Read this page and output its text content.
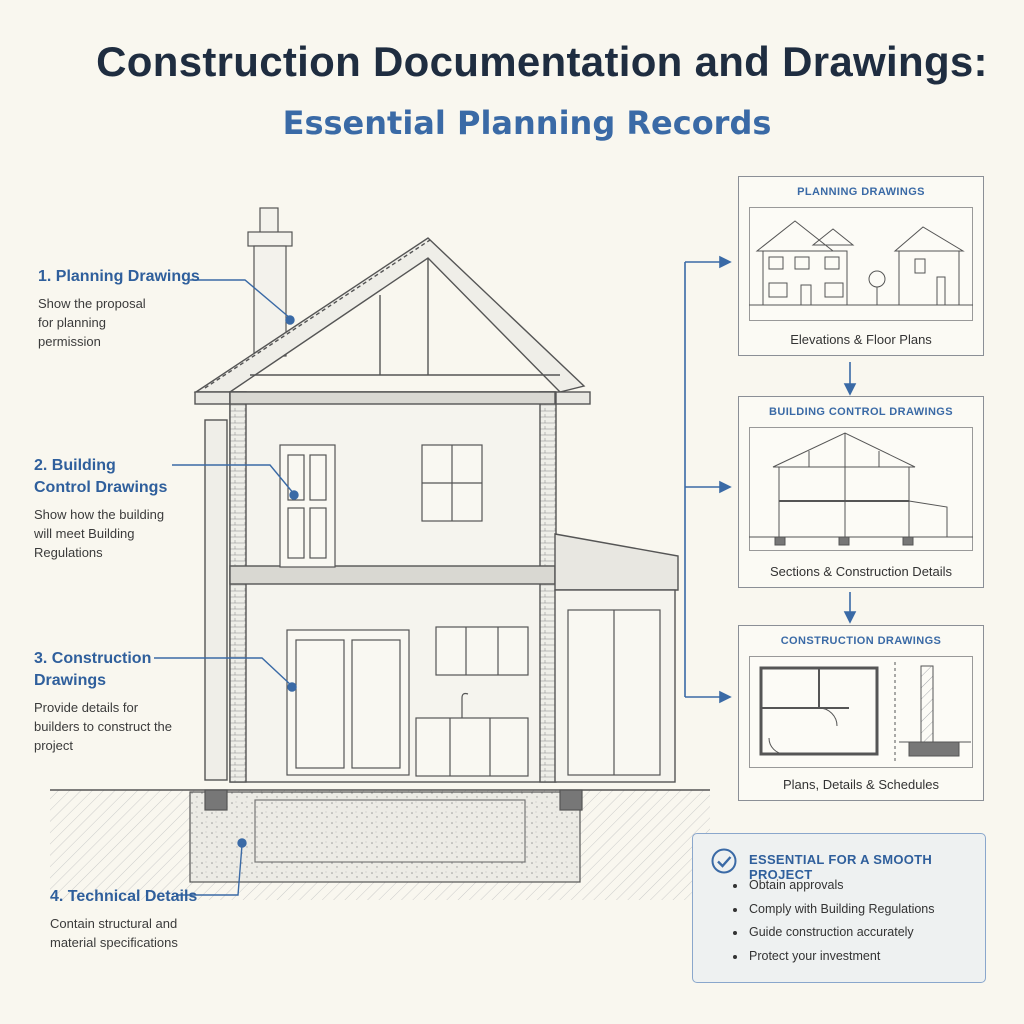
Construction Documentation and Drawings:
Essential Planning Records
1. Planning Drawings
Show the proposal for planning permission
2. Building Control Drawings
Show how the building will meet Building Regulations
3. Construction Drawings
Provide details for builders to construct the project
4. Technical Details
Contain structural and material specifications
PLANNING DRAWINGS
Elevations & Floor Plans
BUILDING CONTROL DRAWINGS
Sections & Construction Details
CONSTRUCTION DRAWINGS
Plans, Details & Schedules
ESSENTIAL FOR A SMOOTH PROJECT
Obtain approvals
Comply with Building Regulations
Guide construction accurately
Protect your investment
